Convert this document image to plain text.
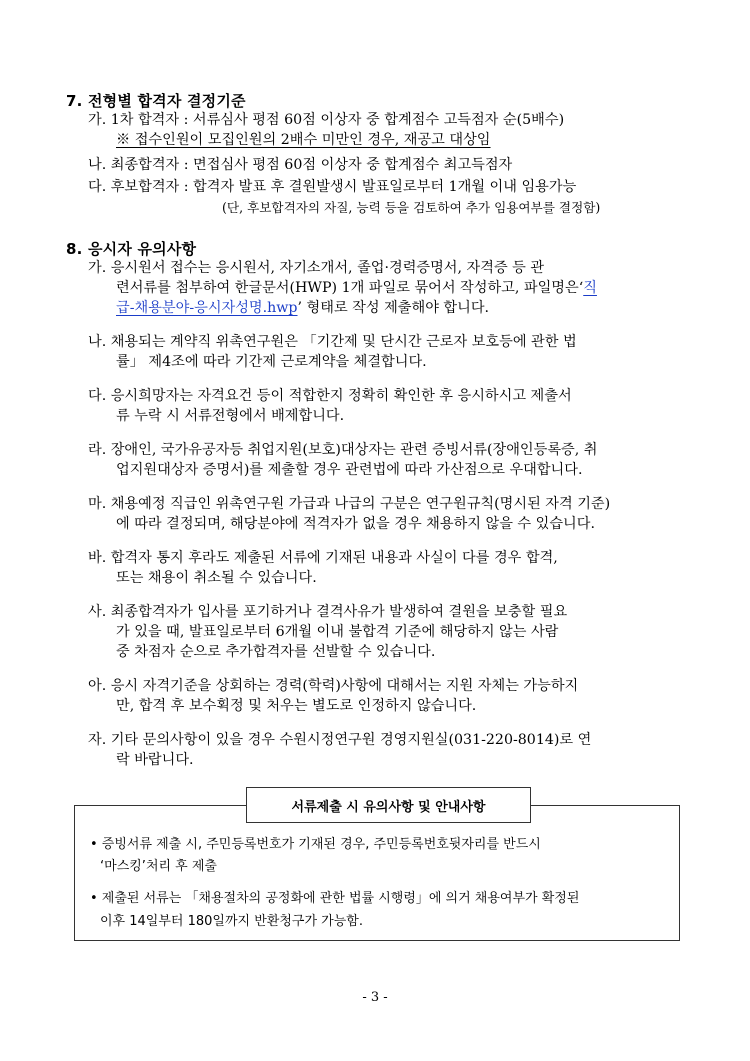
7. 전형별 합격자 결정기준
가. 1차 합격자 : 서류심사 평점 60점 이상자 중 합계점수 고득점자 순(5배수)
※ 접수인원이 모집인원의 2배수 미만인 경우, 재공고 대상임
나. 최종합격자 : 면접심사 평점 60점 이상자 중 합계점수 최고득점자
다. 후보합격자 : 합격자 발표 후 결원발생시 발표일로부터 1개월 이내 임용가능
(단, 후보합격자의 자질, 능력 등을 검토하여 추가 임용여부를 결정함)
8. 응시자 유의사항
가. 응시원서 접수는 응시원서, 자기소개서, 졸업·경력증명서, 자격증 등 관
련서류를 첨부하여 한글문서(HWP) 1개 파일로 묶어서 작성하고, 파일명은‘직
급-채용분야-응시자성명.hwp’ 형태로 작성 제출해야 합니다.
나. 채용되는 계약직 위촉연구원은 「기간제 및 단시간 근로자 보호등에 관한 법
률」 제4조에 따라 기간제 근로계약을 체결합니다.
다. 응시희망자는 자격요건 등이 적합한지 정확히 확인한 후 응시하시고 제출서
류 누락 시 서류전형에서 배제합니다.
라. 장애인, 국가유공자등 취업지원(보호)대상자는 관련 증빙서류(장애인등록증, 취
업지원대상자 증명서)를 제출할 경우 관련법에 따라 가산점으로 우대합니다.
마. 채용예정 직급인 위촉연구원 가급과 나급의 구분은 연구원규칙(명시된 자격 기준)
에 따라 결정되며, 해당분야에 적격자가 없을 경우 채용하지 않을 수 있습니다.
바. 합격자 통지 후라도 제출된 서류에 기재된 내용과 사실이 다를 경우 합격,
또는 채용이 취소될 수 있습니다.
사. 최종합격자가 입사를 포기하거나 결격사유가 발생하여 결원을 보충할 필요
가 있을 때, 발표일로부터 6개월 이내 불합격 기준에 해당하지 않는 사람
중 차점자 순으로 추가합격자를 선발할 수 있습니다.
아. 응시 자격기준을 상회하는 경력(학력)사항에 대해서는 지원 자체는 가능하지
만, 합격 후 보수획정 및 처우는 별도로 인정하지 않습니다.
자. 기타 문의사항이 있을 경우 수원시정연구원 경영지원실(031-220-8014)로 연
락 바랍니다.
서류제출 시 유의사항 및 안내사항
• 증빙서류 제출 시, 주민등록번호가 기재된 경우, 주민등록번호뒷자리를 반드시
‘마스킹’처리 후 제출
• 제출된 서류는 「채용절차의 공정화에 관한 법률 시행령」에 의거 채용여부가 확정된
이후 14일부터 180일까지 반환청구가 가능함.
- 3 -
